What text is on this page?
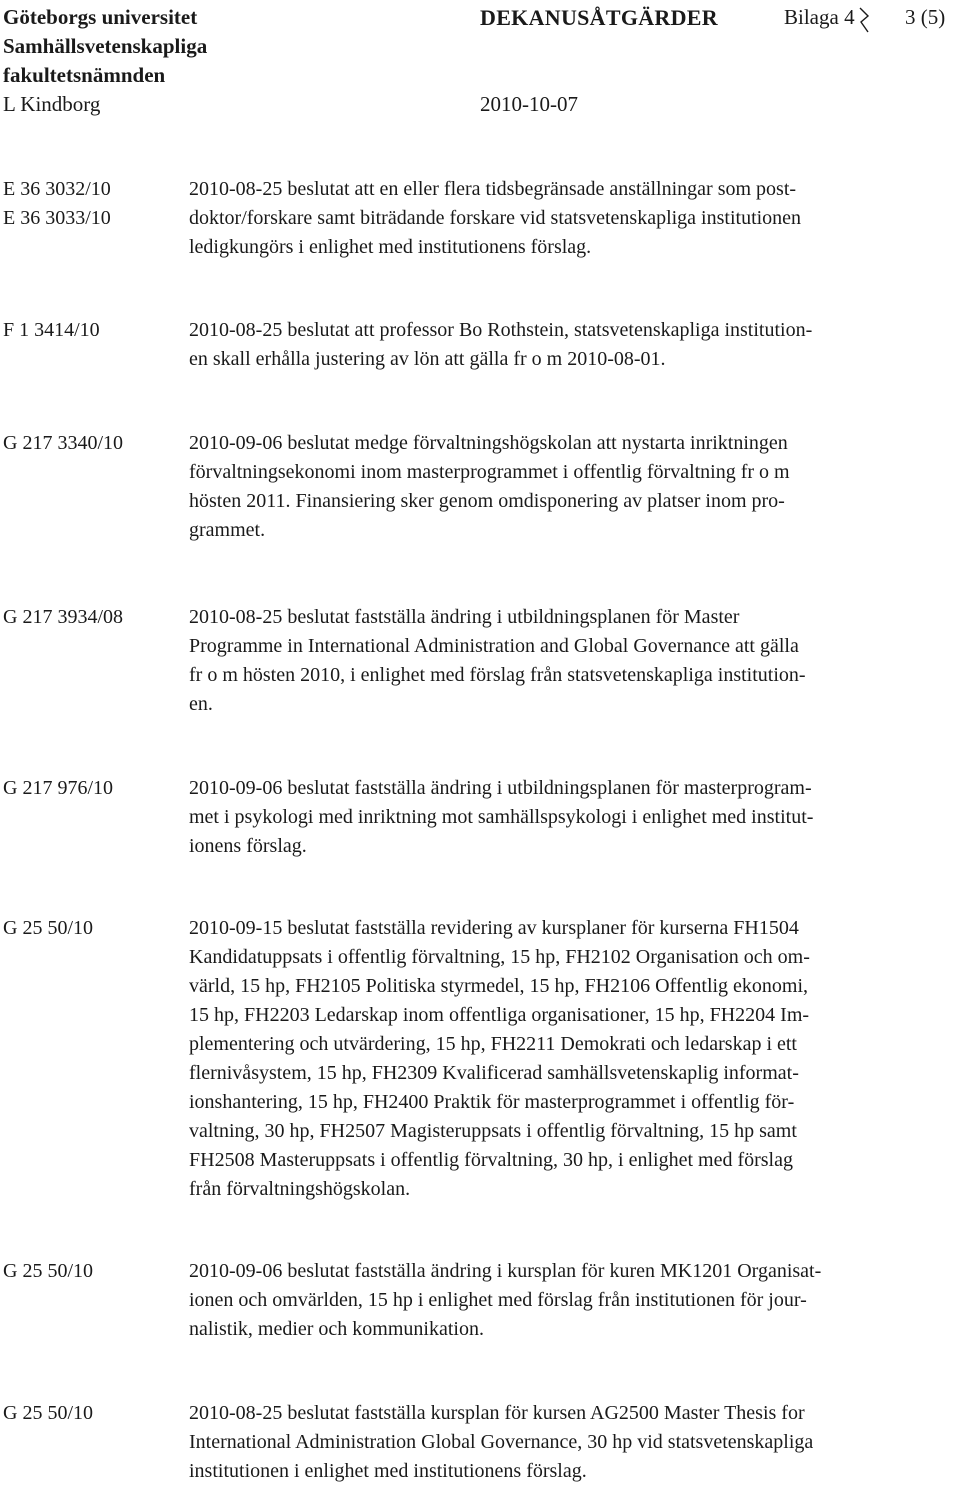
Göteborgs universitet
Samhällsvetenskapliga
fakultetsnämnden
L Kindborg
DEKANUSÅTGÄRDER	Bilaga 4 3 (5)
2010-10-07
E 36 3032/10
E 36 3033/10
2010-08-25 beslutat att en eller flera tidsbegränsade anställningar som post-
doktor/forskare samt biträdande forskare vid statsvetenskapliga institutionen
ledigkungörs i enlighet med institutionens förslag.
F 1 3414/10	2010-08-25 beslutat att professor Bo Rothstein, statsvetenskapliga institution-
en skall erhålla justering av lön att gälla fr o m 2010-08-01.
G 217 3340/10	2010-09-06 beslutat medge förvaltningshögskolan att nystarta inriktningen
förvaltningsekonomi inom masterprogrammet i offentlig förvaltning fr o m
hösten 2011. Finansiering sker genom omdisponering av platser inom pro-
grammet.
G 217 3934/08	2010-08-25 beslutat fastställa ändring i utbildningsplanen för Master
Programme in International Administration and Global Governance att gälla
fr o m hösten 2010, i enlighet med förslag från statsvetenskapliga institution-
en.
G 217 976/10	2010-09-06 beslutat fastställa ändring i utbildningsplanen för masterprogram-
met i psykologi med inriktning mot samhällspsykologi i enlighet med institut-
ionens förslag.
G 25 50/10	2010-09-15 beslutat fastställa revidering av kursplaner för kurserna FH1504
Kandidatuppsats i offentlig förvaltning, 15 hp, FH2102 Organisation och om-
värld, 15 hp, FH2105 Politiska styrmedel, 15 hp, FH2106 Offentlig ekonomi,
15 hp, FH2203 Ledarskap inom offentliga organisationer, 15 hp, FH2204 Im-
plementering och utvärdering, 15 hp, FH2211 Demokrati och ledarskap i ett
flernivåsystem, 15 hp, FH2309 Kvalificerad samhällsvetenskaplig informat-
ionshantering, 15 hp, FH2400 Praktik för masterprogrammet i offentlig för-
valtning, 30 hp, FH2507 Magisteruppsats i offentlig förvaltning, 15 hp samt
FH2508 Masteruppsats i offentlig förvaltning, 30 hp, i enlighet med förslag
från förvaltningshögskolan.
G 25 50/10	2010-09-06 beslutat fastställa ändring i kursplan för kuren MK1201 Organisat-
ionen och omvärlden, 15 hp i enlighet med förslag från institutionen för jour-
nalistik, medier och kommunikation.
G 25 50/10	2010-08-25 beslutat fastställa kursplan för kursen AG2500 Master Thesis for
International Administration Global Governance, 30 hp vid statsvetenskapliga
institutionen i enlighet med institutionens förslag.
